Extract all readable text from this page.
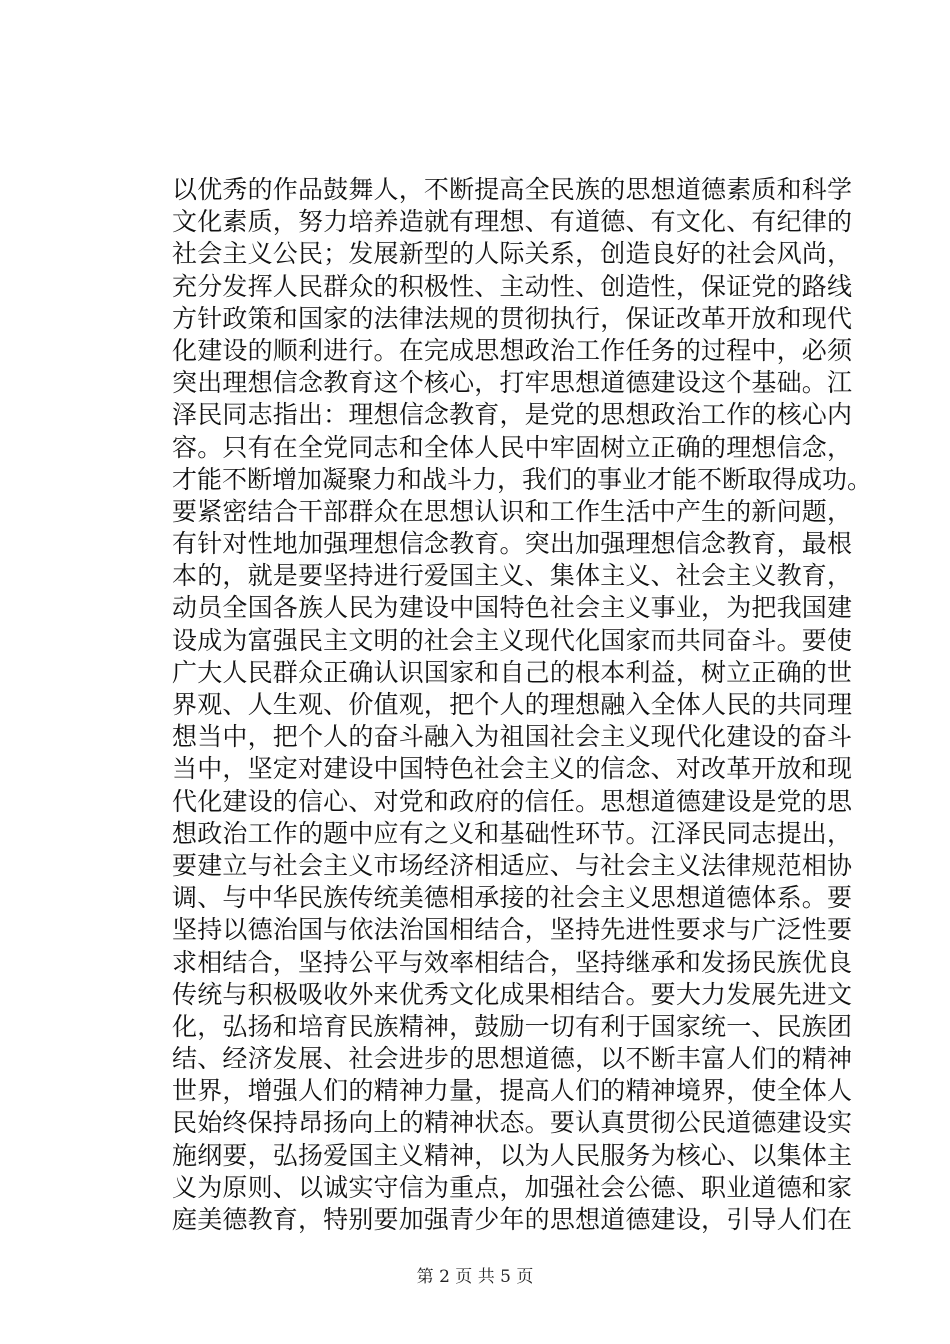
以优秀的作品鼓舞人，不断提高全民族的思想道德素质和科学
文化素质，努力培养造就有理想、有道德、有文化、有纪律的
社会主义公民；发展新型的人际关系，创造良好的社会风尚，
充分发挥人民群众的积极性、主动性、创造性，保证党的路线
方针政策和国家的法律法规的贯彻执行，保证改革开放和现代
化建设的顺利进行。在完成思想政治工作任务的过程中，必须
突出理想信念教育这个核心，打牢思想道德建设这个基础。江
泽民同志指出：理想信念教育，是党的思想政治工作的核心内
容。只有在全党同志和全体人民中牢固树立正确的理想信念，
才能不断增加凝聚力和战斗力，我们的事业才能不断取得成功。
要紧密结合干部群众在思想认识和工作生活中产生的新问题，
有针对性地加强理想信念教育。突出加强理想信念教育，最根
本的，就是要坚持进行爱国主义、集体主义、社会主义教育，
动员全国各族人民为建设中国特色社会主义事业，为把我国建
设成为富强民主文明的社会主义现代化国家而共同奋斗。要使
广大人民群众正确认识国家和自己的根本利益，树立正确的世
界观、人生观、价值观，把个人的理想融入全体人民的共同理
想当中，把个人的奋斗融入为祖国社会主义现代化建设的奋斗
当中，坚定对建设中国特色社会主义的信念、对改革开放和现
代化建设的信心、对党和政府的信任。思想道德建设是党的思
想政治工作的题中应有之义和基础性环节。江泽民同志提出，
要建立与社会主义市场经济相适应、与社会主义法律规范相协
调、与中华民族传统美德相承接的社会主义思想道德体系。要
坚持以德治国与依法治国相结合，坚持先进性要求与广泛性要
求相结合，坚持公平与效率相结合，坚持继承和发扬民族优良
传统与积极吸收外来优秀文化成果相结合。要大力发展先进文
化，弘扬和培育民族精神，鼓励一切有利于国家统一、民族团
结、经济发展、社会进步的思想道德，以不断丰富人们的精神
世界，增强人们的精神力量，提高人们的精神境界，使全体人
民始终保持昂扬向上的精神状态。要认真贯彻公民道德建设实
施纲要，弘扬爱国主义精神，以为人民服务为核心、以集体主
义为原则、以诚实守信为重点，加强社会公德、职业道德和家
庭美德教育，特别要加强青少年的思想道德建设，引导人们在
第 2 页 共 5 页
